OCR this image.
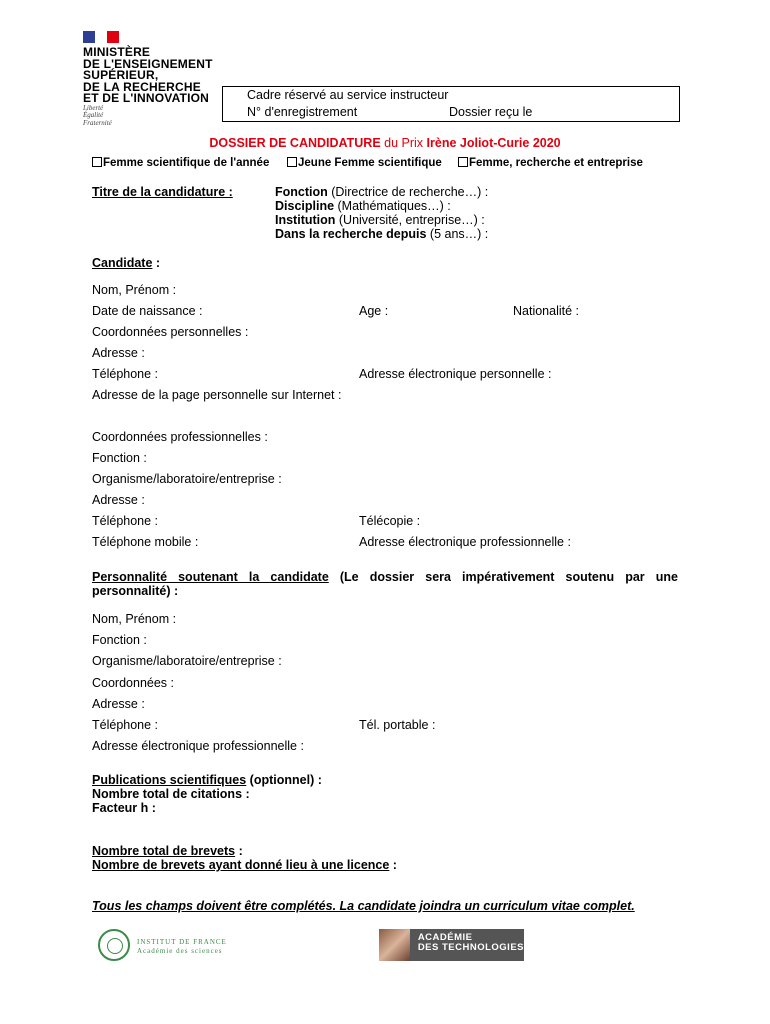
MINISTÈRE
DE L'ENSEIGNEMENT
SUPÉRIEUR,
DE LA RECHERCHE
ET DE L'INNOVATION
Liberté
Égalité
Fraternité
Cadre réservé au service instructeur
N° d'enregistrement	Dossier reçu le
DOSSIER DE CANDIDATURE du Prix Irène Joliot-Curie 2020
Femme scientifique de l'année	Jeune Femme scientifique	Femme, recherche et entreprise
Titre de la candidature :	Fonction (Directrice de recherche…) :
Discipline (Mathématiques…) :
Institution (Université, entreprise…) :
Dans la recherche depuis (5 ans…) :
Candidate :
Nom, Prénom :
Date de naissance :	Age :	Nationalité :
Coordonnées personnelles :
Adresse :
Téléphone :	Adresse électronique personnelle :
Adresse de la page personnelle sur Internet :
Coordonnées professionnelles :
Fonction :
Organisme/laboratoire/entreprise :
Adresse :
Téléphone :	Télécopie :
Téléphone mobile :	Adresse électronique professionnelle :
Personnalité soutenant la candidate (Le dossier sera impérativement soutenu par une
personnalité) :
Nom, Prénom :
Fonction :
Organisme/laboratoire/entreprise :
Coordonnées :
Adresse :
Téléphone :	Tél. portable :
Adresse électronique professionnelle :
Publications scientifiques (optionnel) :
Nombre total de citations :
Facteur h :
Nombre total de brevets :
Nombre de brevets ayant donné lieu à une licence :
Tous les champs doivent être complétés. La candidate joindra un curriculum vitae complet.
INSTITUT DE FRANCE
Académie des sciences
ACADÉMIE
DES TECHNOLOGIES
